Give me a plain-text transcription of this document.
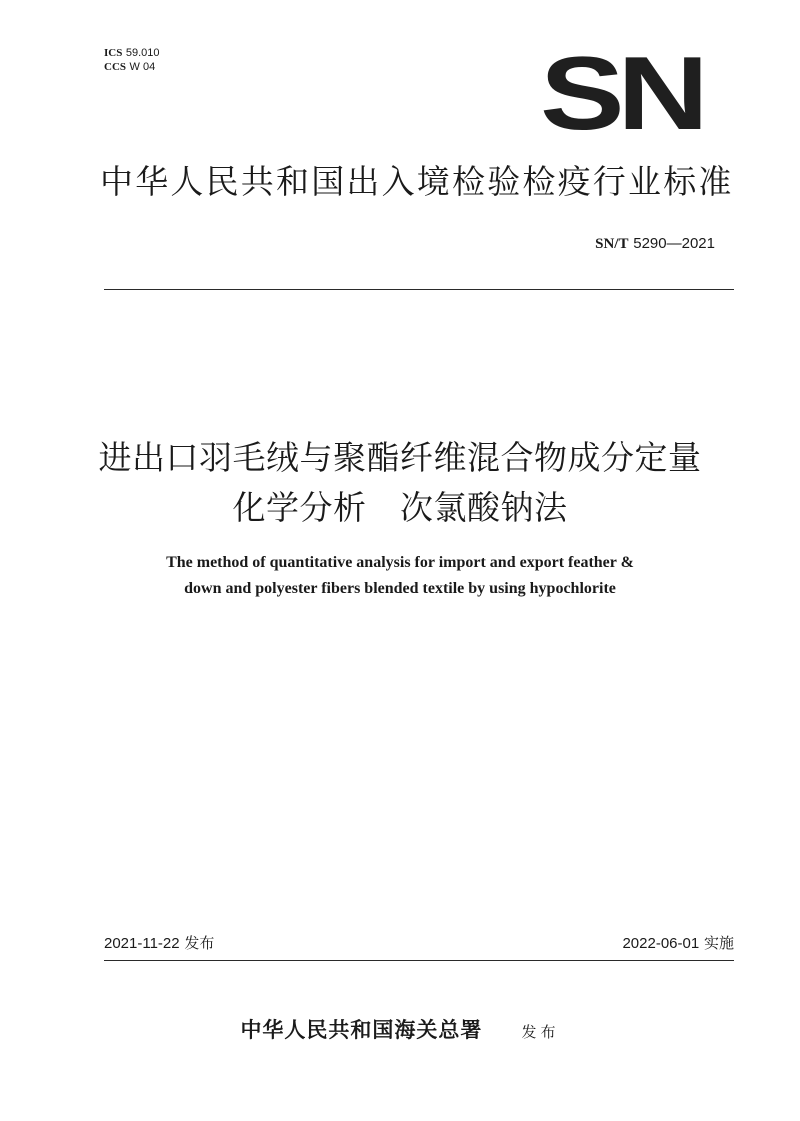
ICS 59.010
CCS W 04	SN
中华人民共和国出入境检验检疫行业标准
SN/T 5290—2021
进出口羽毛绒与聚酯纤维混合物成分定量
化学分析　次氯酸钠法
The method of quantitative analysis for import and export feather &
down and polyester fibers blended textile by using hypochlorite
2021-11-22 发布	2022-06-01 实施
中华人民共和国海关总署	发布
